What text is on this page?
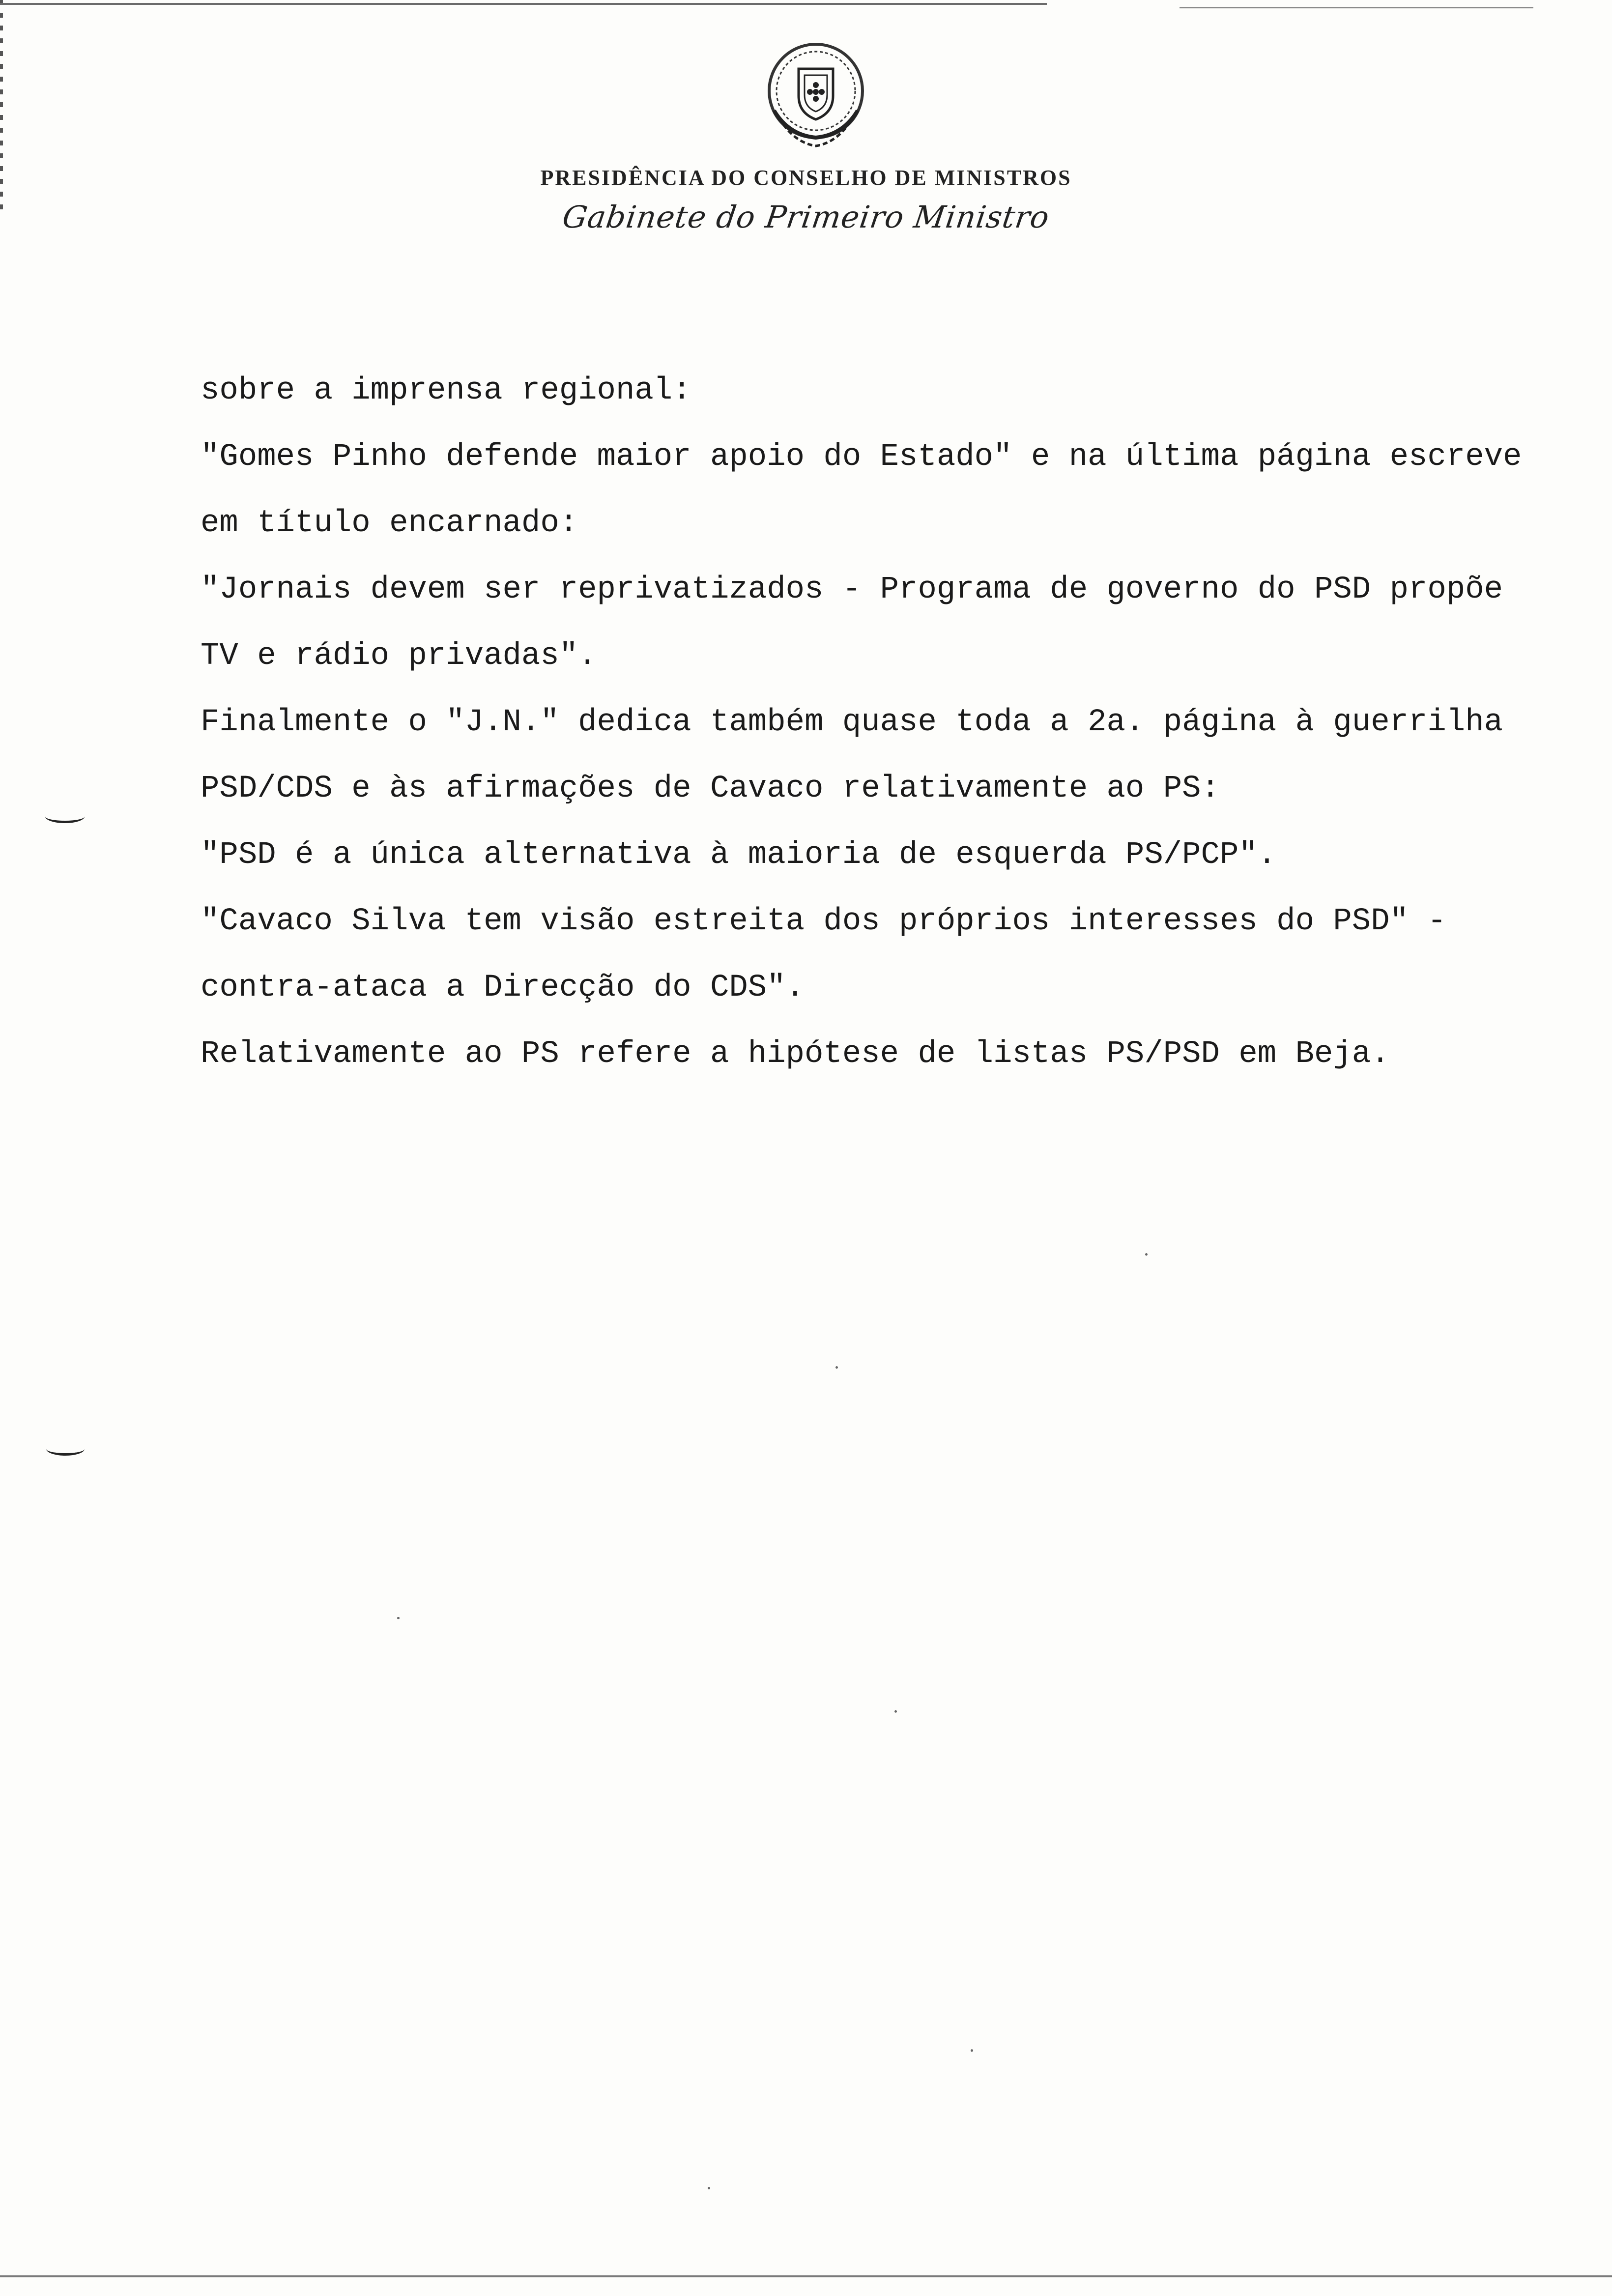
PRESIDÊNCIA DO CONSELHO DE MINISTROS
Gabinete do Primeiro Ministro
sobre a imprensa regional:
"Gomes Pinho defende maior apoio do Estado" e na última página escreve
em título encarnado:
"Jornais devem ser reprivatizados - Programa de governo do PSD propõe
TV e rádio privadas".
Finalmente o "J.N." dedica também quase toda a 2a. página à guerrilha
PSD/CDS e às afirmações de Cavaco relativamente ao PS:
"PSD é a única alternativa à maioria de esquerda PS/PCP".
"Cavaco Silva tem visão estreita dos próprios interesses do PSD" -
contra-ataca a Direcção do CDS".
Relativamente ao PS refere a hipótese de listas PS/PSD em Beja.
